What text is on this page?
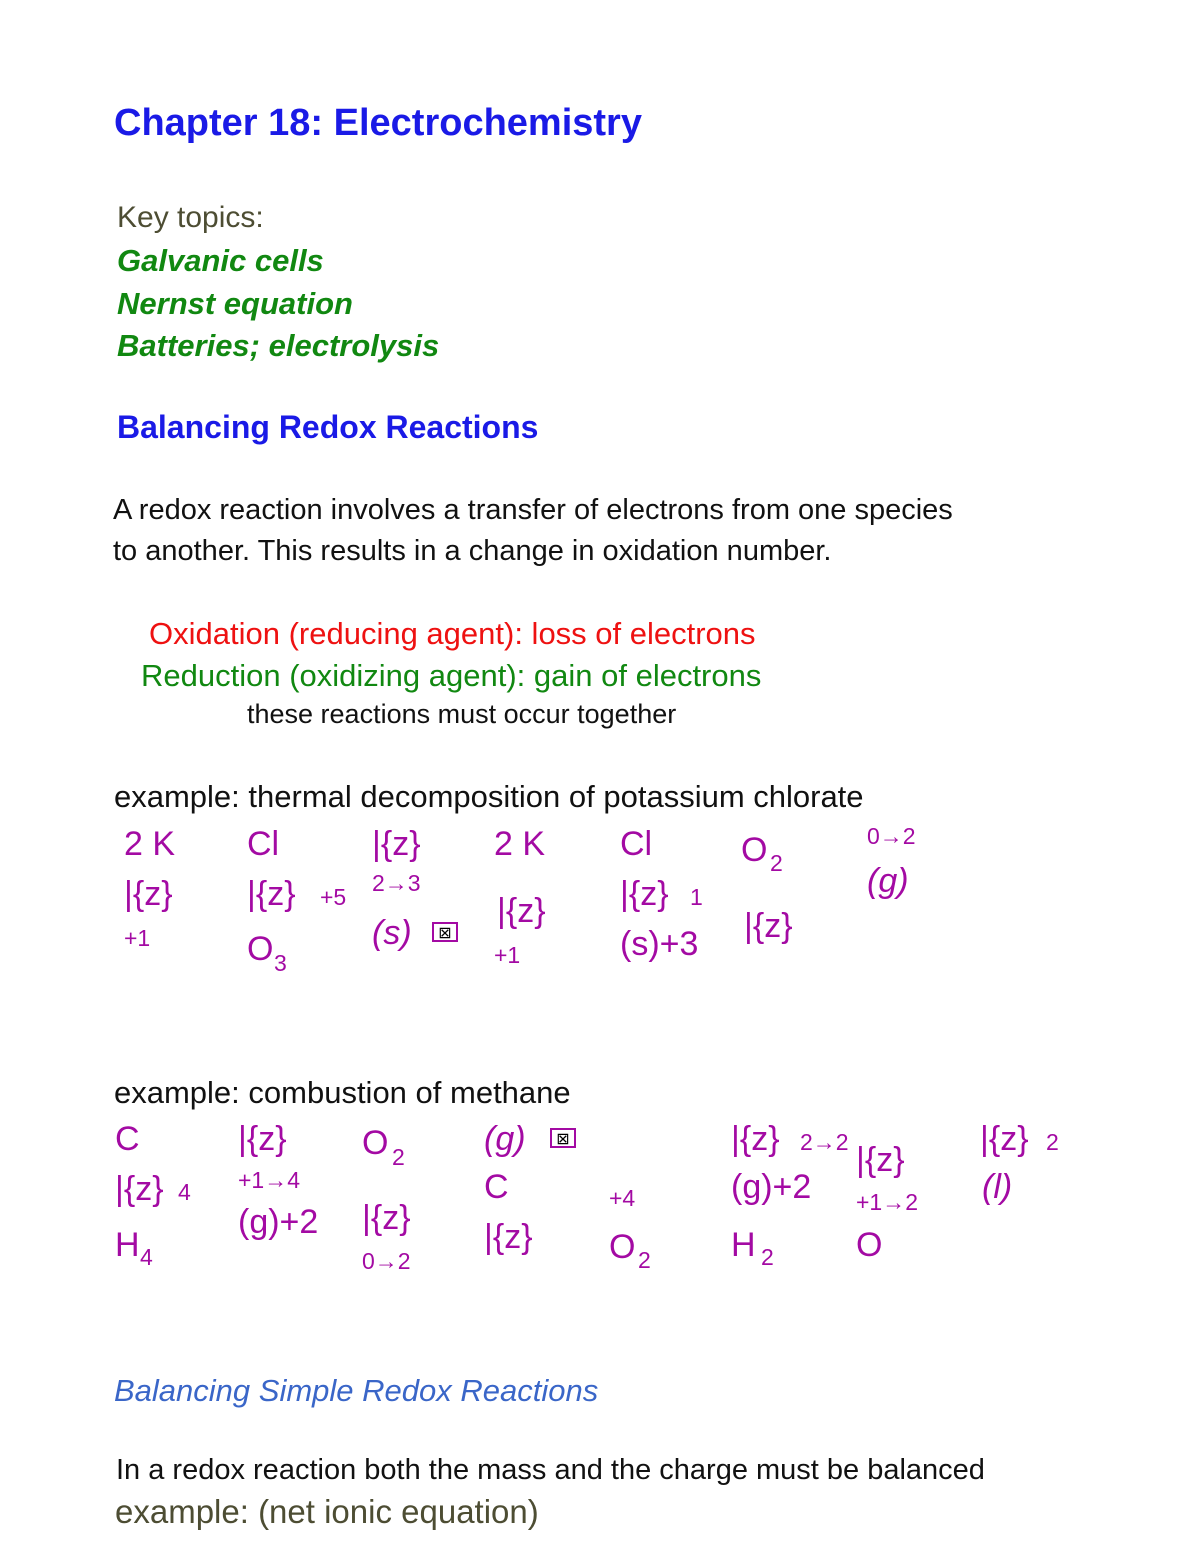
Chapter 18: Electrochemistry
Key topics:
Galvanic cells
Nernst equation
Batteries; electrolysis
Balancing Redox Reactions
A redox reaction involves a transfer of electrons from one species
to another. This results in a change in oxidation number.
Oxidation (reducing agent): loss of electrons
Reduction (oxidizing agent): gain of electrons
these reactions must occur together
example: thermal decomposition of potassium chlorate
2 K
|{z}
+1
Cl
|{z} +5
O 3
|{z}
2→3
(s)	⊠
2 K
|{z}
+1
Cl
|{z} 1
(s)+3
O 2
|{z}
0→2
(g)
example: combustion of methane
C
|{z} 4
H 4
|{z}
+1→4
(g)+2
O 2
|{z}
0→2
(g)	⊠
C
|{z}
+4
O 2
|{z} 2→2
(g)+2
H 2
|{z}
+1→2
O
|{z} 2
(l)
Balancing Simple Redox Reactions
In a redox reaction both the mass and the charge must be balanced
example: (net ionic equation)
